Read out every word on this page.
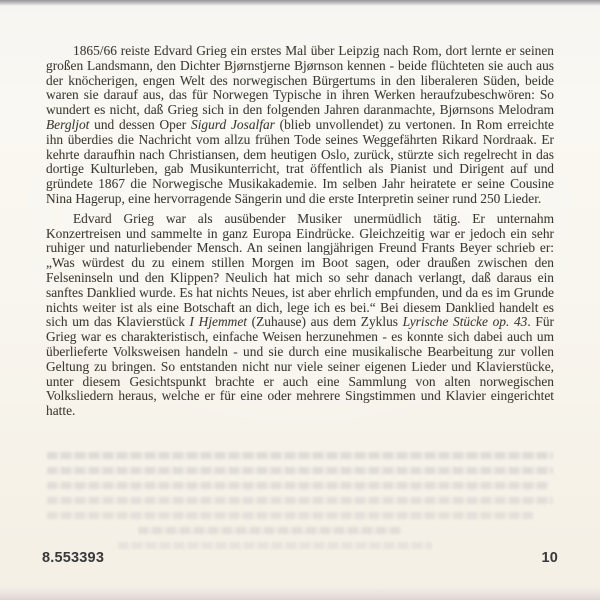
1865/66 reiste Edvard Grieg ein erstes Mal über Leipzig nach Rom, dort lernte er seinen großen Landsmann, den Dichter Bjørnstjerne Bjørnson kennen - beide flüchteten sie auch aus der knöcherigen, engen Welt des norwegischen Bürgertums in den liberaleren Süden, beide waren sie darauf aus, das für Norwegen Typische in ihren Werken heraufzubeschwören: So wundert es nicht, daß Grieg sich in den folgenden Jahren daranmachte, Bjørnsons Melodram Bergljot und dessen Oper Sigurd Josalfar (blieb unvollendet) zu vertonen. In Rom erreichte ihn überdies die Nachricht vom allzu frühen Tode seines Weggefährten Rikard Nordraak. Er kehrte daraufhin nach Christiansen, dem heutigen Oslo, zurück, stürzte sich regelrecht in das dortige Kulturleben, gab Musikunterricht, trat öffentlich als Pianist und Dirigent auf und gründete 1867 die Norwegische Musikakademie. Im selben Jahr heiratete er seine Cousine Nina Hagerup, eine hervorragende Sängerin und die erste Interpretin seiner rund 250 Lieder.

Edvard Grieg war als ausübender Musiker unermüdlich tätig. Er unternahm Konzertreisen und sammelte in ganz Europa Eindrücke. Gleichzeitig war er jedoch ein sehr ruhiger und naturliebender Mensch. An seinen langjährigen Freund Frants Beyer schrieb er: „Was würdest du zu einem stillen Morgen im Boot sagen, oder draußen zwischen den Felseninseln und den Klippen? Neulich hat mich so sehr danach verlangt, daß daraus ein sanftes Danklied wurde. Es hat nichts Neues, ist aber ehrlich empfunden, und da es im Grunde nichts weiter ist als eine Botschaft an dich, lege ich es bei.“ Bei diesem Danklied handelt es sich um das Klavierstück I Hjemmet (Zuhause) aus dem Zyklus Lyrische Stücke op. 43. Für Grieg war es charakteristisch, einfache Weisen herzunehmen - es konnte sich dabei auch um überlieferte Volksweisen handeln - und sie durch eine musikalische Bearbeitung zur vollen Geltung zu bringen. So entstanden nicht nur viele seiner eigenen Lieder und Klavierstücke, unter diesem Gesichtspunkt brachte er auch eine Sammlung von alten norwegischen Volksliedern heraus, welche er für eine oder mehrere Singstimmen und Klavier eingerichtet hatte.

8.553393	10
